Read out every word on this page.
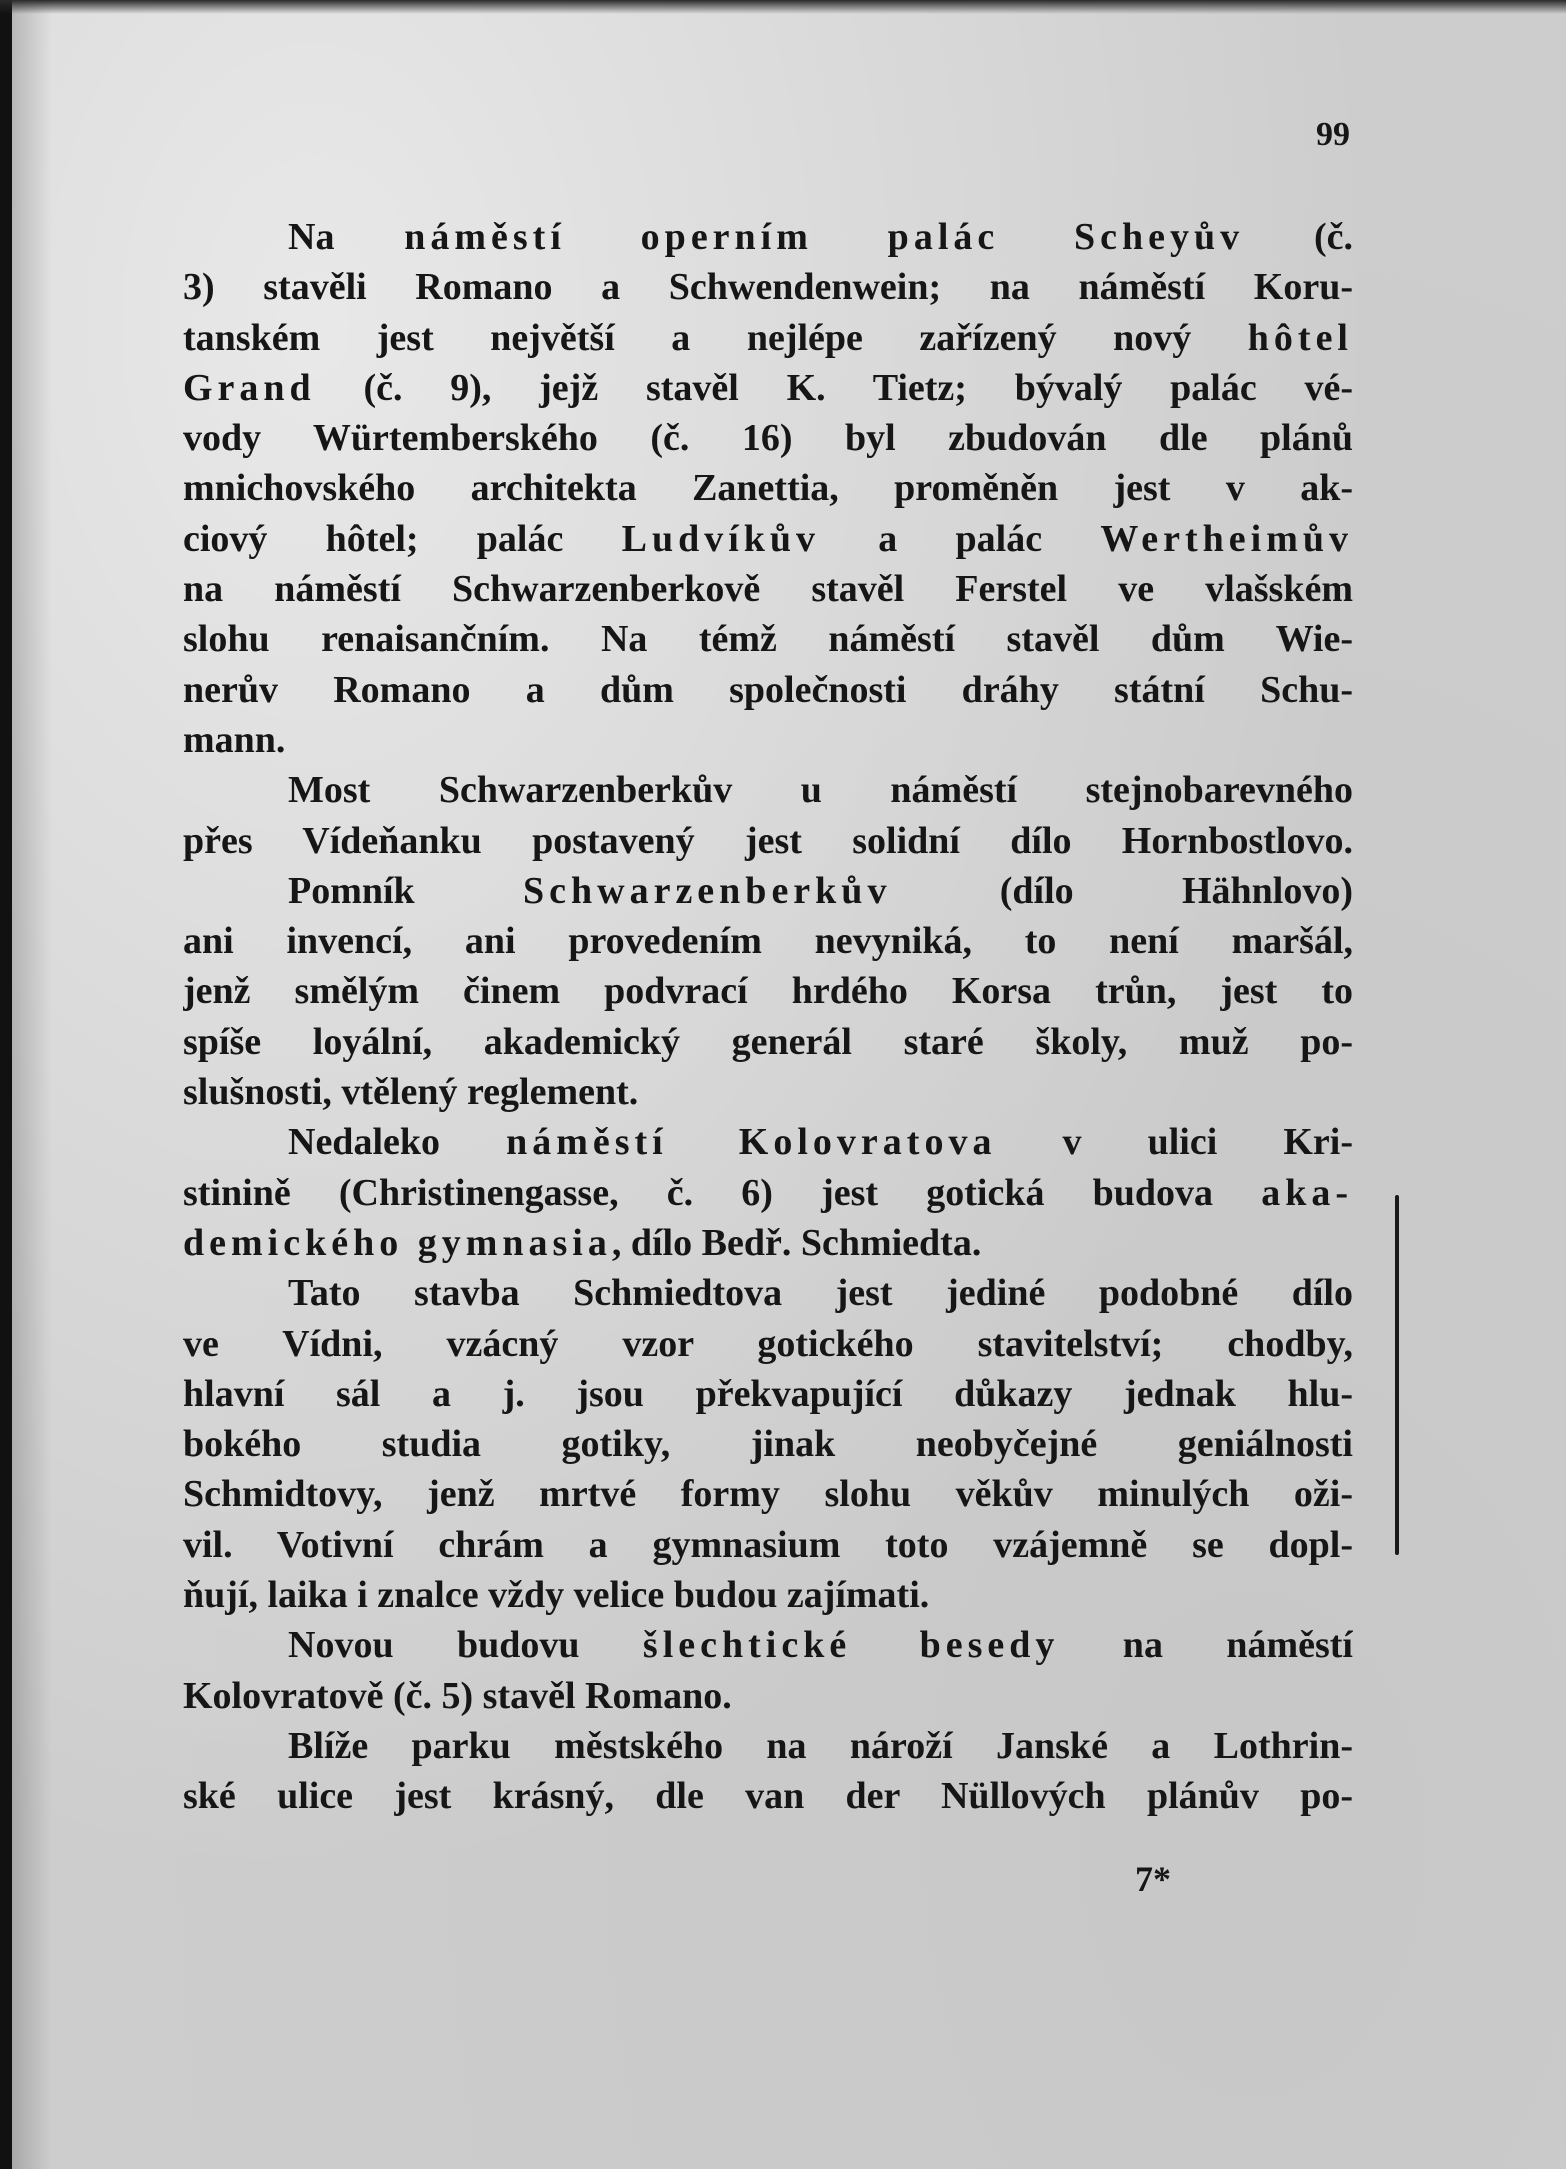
99
Na náměstí operním palác Scheyův (č.
3) stavěli Romano a Schwendenwein; na náměstí Koru-
tanském jest největší a nejlépe zařízený nový hôtel
Grand (č. 9), jejž stavěl K. Tietz; bývalý palác vé-
vody Würtemberského (č. 16) byl zbudován dle plánů
mnichovského architekta Zanettia, proměněn jest v ak-
ciový hôtel; palác Ludvíkův a palác Wertheimův
na náměstí Schwarzenberkově stavěl Ferstel ve vlašském
slohu renaisančním. Na témž náměstí stavěl dům Wie-
nerův Romano a dům společnosti dráhy státní Schu-
mann.
Most Schwarzenberkův u náměstí stejnobarevného
přes Vídeňanku postavený jest solidní dílo Hornbostlovo.
Pomník Schwarzenberkův (dílo Hähnlovo)
ani invencí, ani provedením nevyniká, to není maršál,
jenž smělým činem podvrací hrdého Korsa trůn, jest to
spíše loyální, akademický generál staré školy, muž po-
slušnosti, vtělený reglement.
Nedaleko náměstí Kolovratova v ulici Kri-
stinině (Christinengasse, č. 6) jest gotická budova aka-
demického gymnasia, dílo Bedř. Schmiedta.
Tato stavba Schmiedtova jest jediné podobné dílo
ve Vídni, vzácný vzor gotického stavitelství; chodby,
hlavní sál a j. jsou překvapující důkazy jednak hlu-
bokého studia gotiky, jinak neobyčejné geniálnosti
Schmidtovy, jenž mrtvé formy slohu věkův minulých oži-
vil. Votivní chrám a gymnasium toto vzájemně se dopl-
ňují, laika i znalce vždy velice budou zajímati.
Novou budovu šlechtické besedy na náměstí
Kolovratově (č. 5) stavěl Romano.
Blíže parku městského na nároží Janské a Lothrin-
ské ulice jest krásný, dle van der Nüllových plánův po-
7*
